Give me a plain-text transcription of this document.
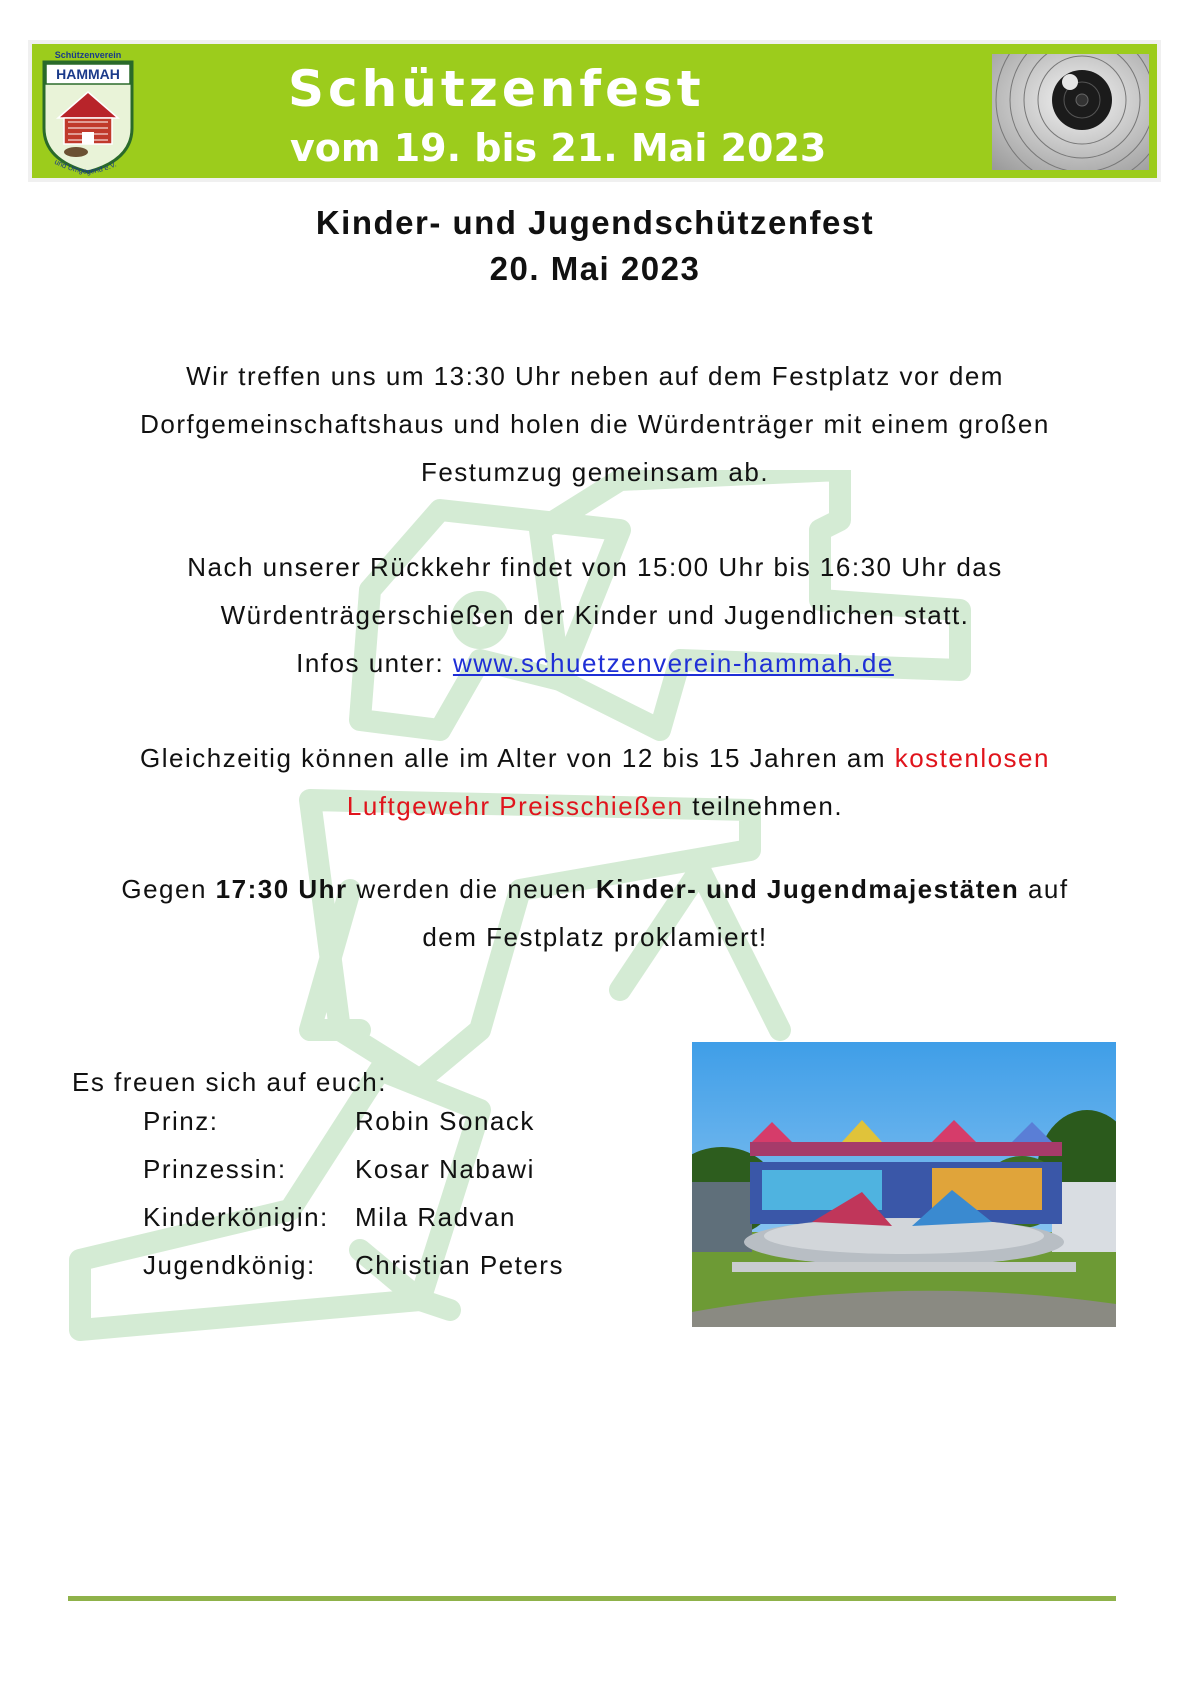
Schützenverein
HAMMAH
und Umgegend e.V.
Schützenfest
vom 19. bis 21. Mai 2023
Kinder- und Jugendschützenfest
20. Mai 2023

Wir treffen uns um 13:30 Uhr neben auf dem Festplatz vor dem

Dorfgemeinschaftshaus und holen die Würdenträger mit einem großen

Festumzug gemeinsam ab.

Nach unserer Rückkehr findet von 15:00 Uhr bis 16:30 Uhr das

Würdenträgerschießen der Kinder und Jugendlichen statt.

Infos unter: www.schuetzenverein-hammah.de

Gleichzeitig können alle im Alter von 12 bis 15 Jahren am kostenlosen

Luftgewehr Preisschießen teilnehmen.

Gegen 17:30 Uhr werden die neuen Kinder- und Jugendmajestäten auf

dem Festplatz proklamiert!

Es freuen sich auf euch:
Prinz:	Robin Sonack
Prinzessin:	Kosar Nabawi
Kinderkönigin: Mila Radvan
Jugendkönig: Christian Peters
